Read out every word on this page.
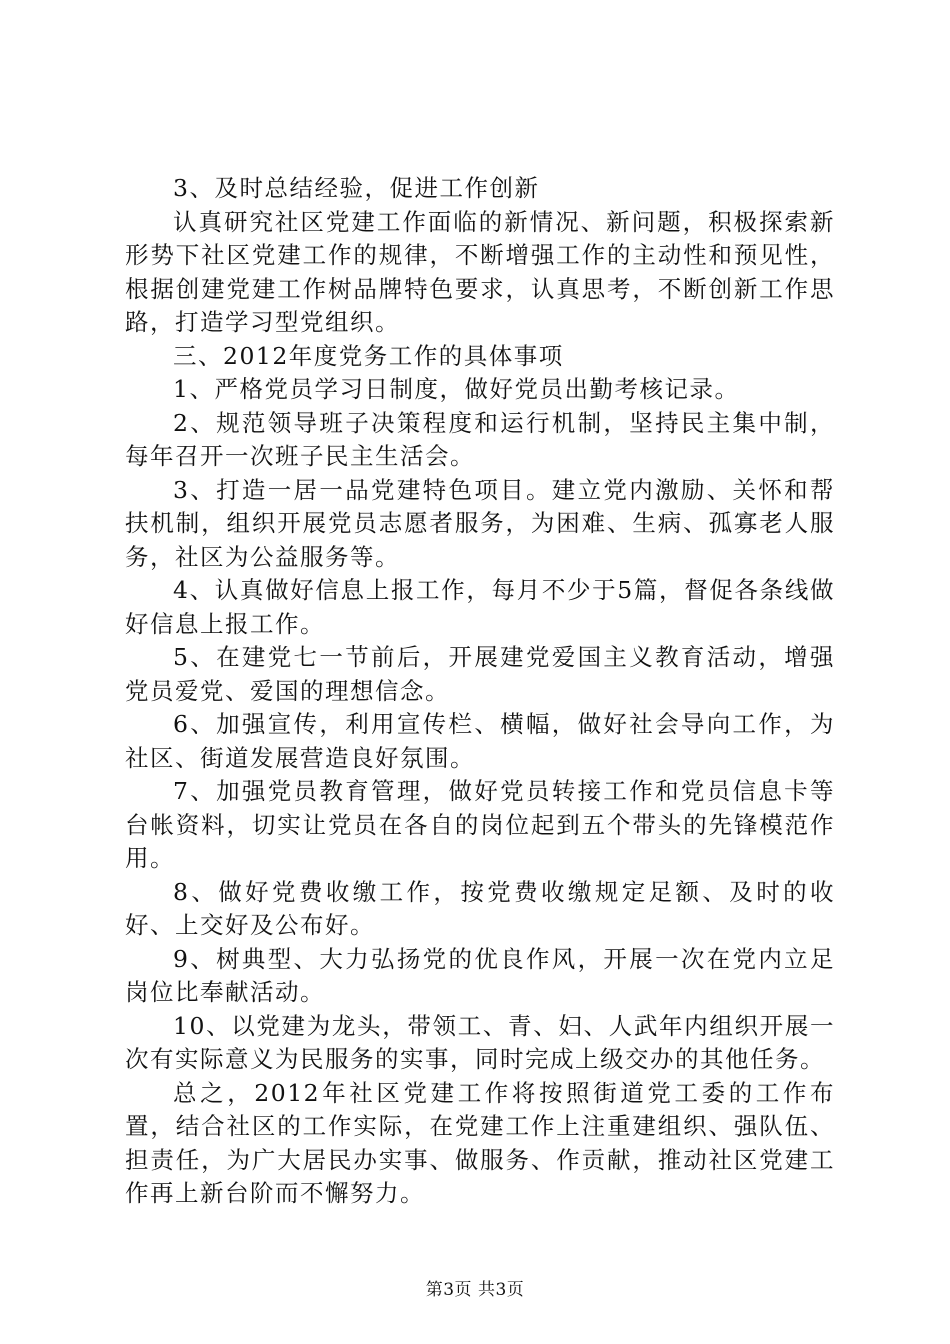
3、及时总结经验，促进工作创新

认真研究社区党建工作面临的新情况、新问题，积极探索新形势下社区党建工作的规律，不断增强工作的主动性和预见性，根据创建党建工作树品牌特色要求，认真思考，不断创新工作思路，打造学习型党组织。

三、2012年度党务工作的具体事项

1、严格党员学习日制度，做好党员出勤考核记录。

2、规范领导班子决策程度和运行机制，坚持民主集中制，每年召开一次班子民主生活会。

3、打造一居一品党建特色项目。建立党内激励、关怀和帮扶机制，组织开展党员志愿者服务，为困难、生病、孤寡老人服务，社区为公益服务等。

4、认真做好信息上报工作，每月不少于5篇，督促各条线做好信息上报工作。

5、在建党七一节前后，开展建党爱国主义教育活动，增强党员爱党、爱国的理想信念。

6、加强宣传，利用宣传栏、横幅，做好社会导向工作，为社区、街道发展营造良好氛围。

7、加强党员教育管理，做好党员转接工作和党员信息卡等台帐资料，切实让党员在各自的岗位起到五个带头的先锋模范作用。

8、做好党费收缴工作，按党费收缴规定足额、及时的收好、上交好及公布好。

9、树典型、大力弘扬党的优良作风，开展一次在党内立足岗位比奉献活动。

10、以党建为龙头，带领工、青、妇、人武年内组织开展一次有实际意义为民服务的实事，同时完成上级交办的其他任务。

总之，2012年社区党建工作将按照街道党工委的工作布置，结合社区的工作实际，在党建工作上注重建组织、强队伍、担责任，为广大居民办实事、做服务、作贡献，推动社区党建工作再上新台阶而不懈努力。

第3页 共3页
